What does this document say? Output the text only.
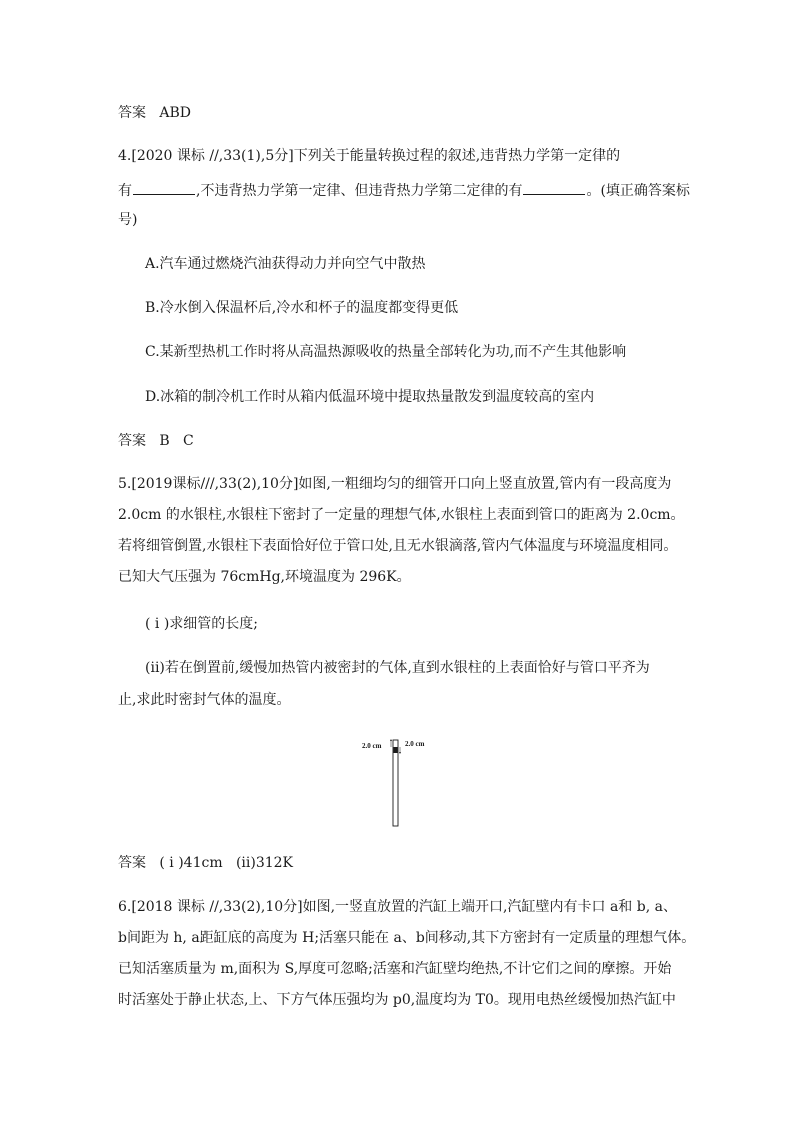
答案 ABD
4.[2020 课标 //,33(1),5分]下列关于能量转换过程的叙述,违背热力学第一定律的
有	,不违背热力学第一定律、但违背热力学第二定律的有	。(填正确答案标
号)
A.汽车通过燃烧汽油获得动力并向空气中散热
B.冷水倒入保温杯后,冷水和杯子的温度都变得更低
C.某新型热机工作时将从高温热源吸收的热量全部转化为功,而不产生其他影响
D.冰箱的制冷机工作时从箱内低温环境中提取热量散发到温度较高的室内
答案 B   C
5.[2019课标///,33(2),10分]如图,一粗细均匀的细管开口向上竖直放置,管内有一段高度为
2.0cm 的水银柱,水银柱下密封了一定量的理想气体,水银柱上表面到管口的距离为 2.0cm。
若将细管倒置,水银柱下表面恰好位于管口处,且无水银滴落,管内气体温度与环境温度相同。
已知大气压强为 76cmHg,环境温度为 296K。
( i )求细管的长度;
(ii)若在倒置前,缓慢加热管内被密封的气体,直到水银柱的上表面恰好与管口平齐为
止,求此时密封气体的温度。
2.0 cm	2.0 cm
答案 ( i )41cm   (ii)312K
6.[2018 课标 //,33(2),10分]如图,一竖直放置的汽缸上端开口,汽缸壁内有卡口 a和 b, a、
b间距为 h, a距缸底的高度为 H;活塞只能在 a、b间移动,其下方密封有一定质量的理想气体。
已知活塞质量为 m,面积为 S,厚度可忽略;活塞和汽缸壁均绝热,不计它们之间的摩擦。开始
时活塞处于静止状态,上、下方气体压强均为 p0,温度均为 T0。现用电热丝缓慢加热汽缸中
